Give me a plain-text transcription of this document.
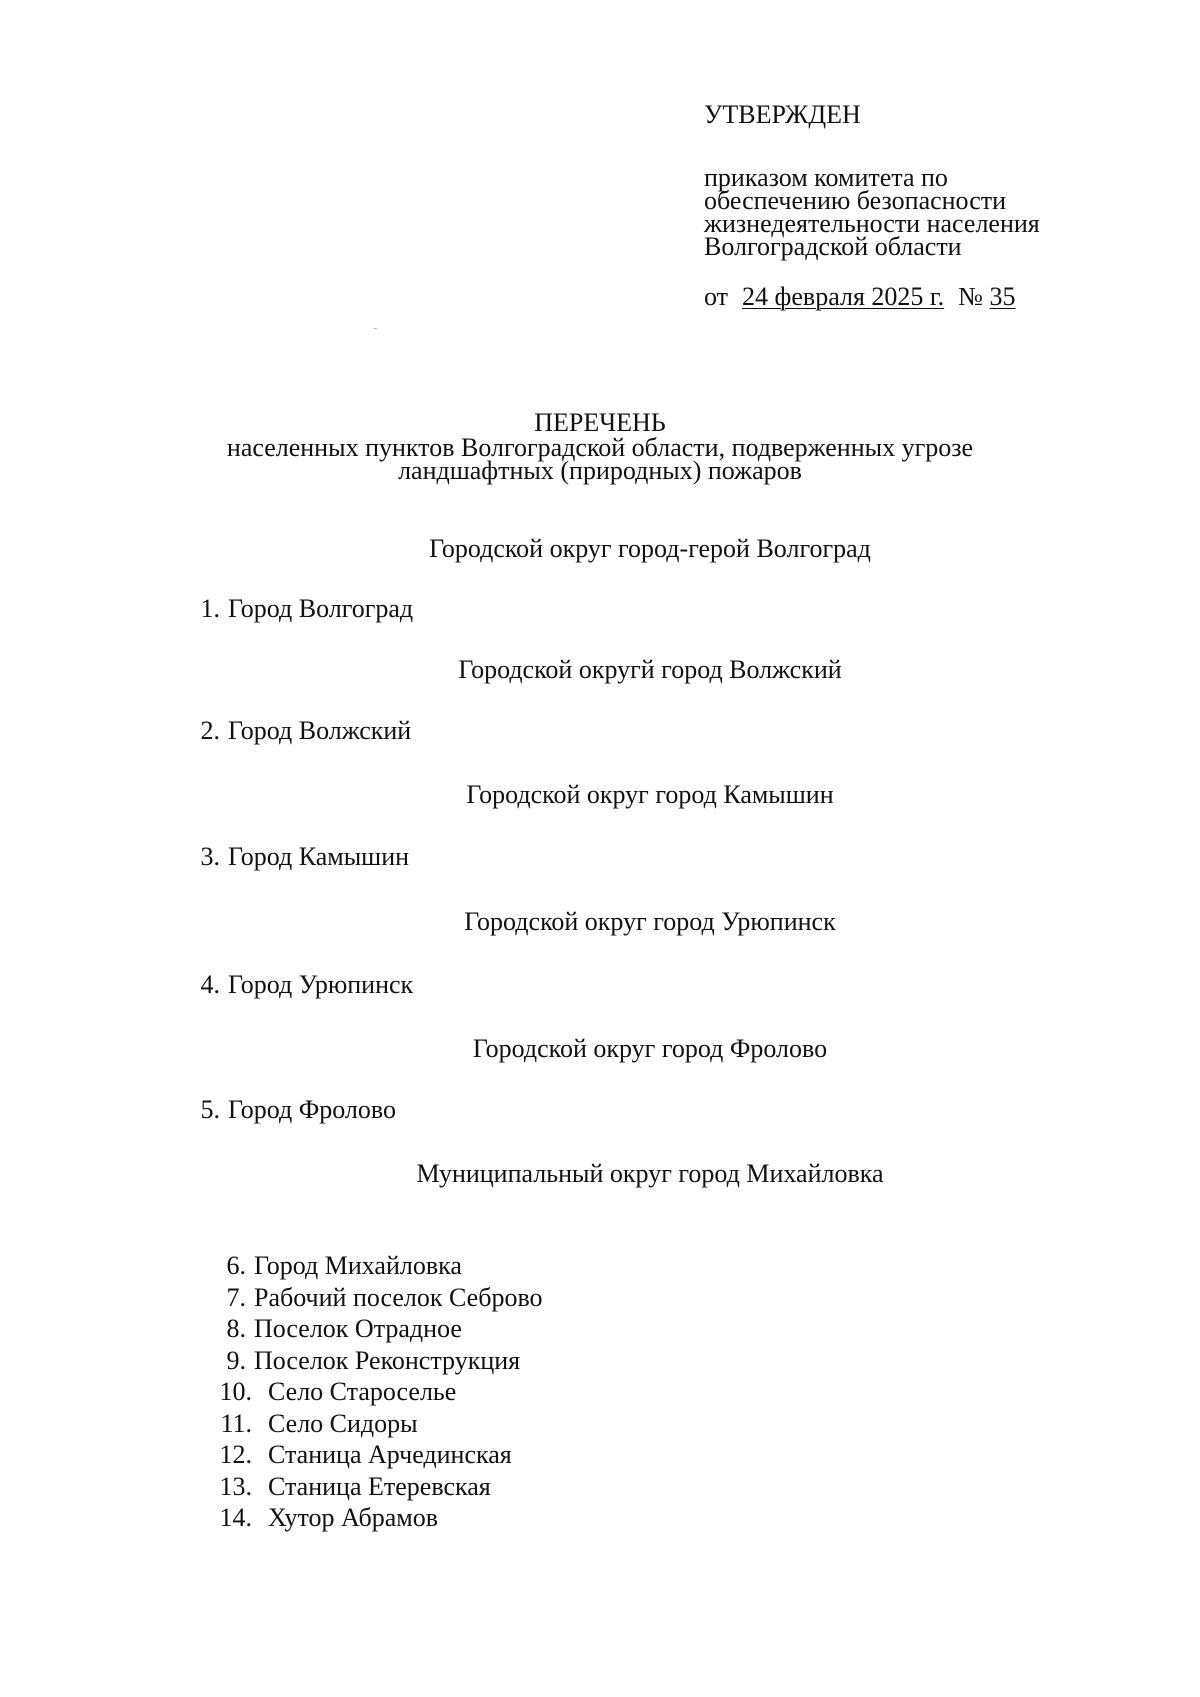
УТВЕРЖДЕН
приказом комитета по
обеспечению безопасности
жизнедеятельности населения
Волгоградской области
от 24 февраля 2025 г. № 35
ПЕРЕЧЕНЬ
населенных пунктов Волгоградской области, подверженных угрозе
ландшафтных (природных) пожаров
Городской округ город-герой Волгоград
1. Город Волгоград
Городской округй город Волжский
2. Город Волжский
Городской округ город Камышин
3. Город Камышин
Городской округ город Урюпинск
4. Город Урюпинск
Городской округ город Фролово
5. Город Фролово
Муниципальный округ город Михайловка
6. Город Михайловка
7. Рабочий поселок Себрово
8. Поселок Отрадное
9. Поселок Реконструкция
10. Село Староселье
11. Село Сидоры
12. Станица Арчединская
13. Станица Етеревская
14. Хутор Абрамов
